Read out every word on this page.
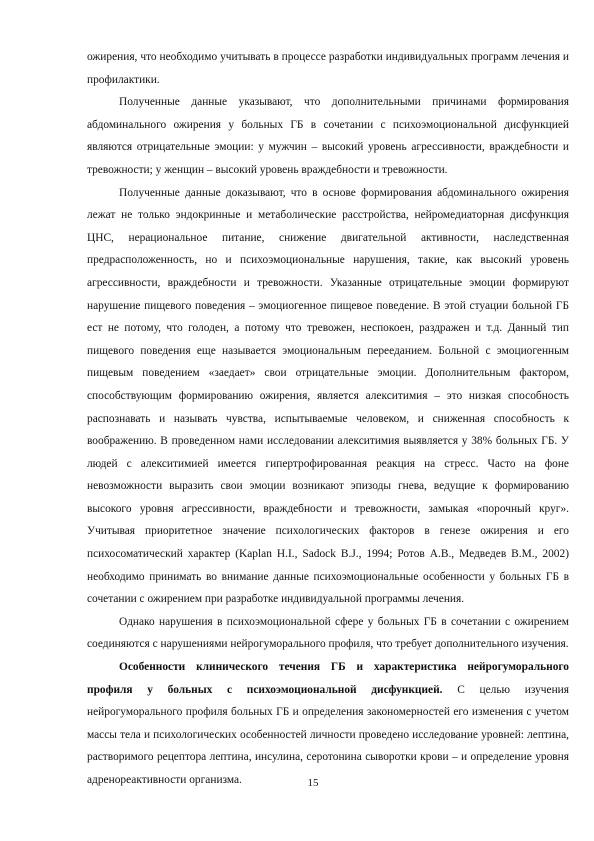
ожирения, что необходимо учитывать в процессе разработки индивидуальных программ лечения и профилактики.

Полученные данные указывают, что дополнительными причинами формирования абдоминального ожирения у больных ГБ в сочетании с психоэмоциональной дисфункцией являются отрицательные эмоции: у мужчин – высокий уровень агрессивности, враждебности и тревожности; у женщин – высокий уровень враждебности и тревожности.

Полученные данные доказывают, что в основе формирования абдоминального ожирения лежат не только эндокринные и метаболические расстройства, нейромедиаторная дисфункция ЦНС, нерациональное питание, снижение двигательной активности, наследственная предрасположенность, но и психоэмоциональные нарушения, такие, как высокий уровень агрессивности, враждебности и тревожности. Указанные отрицательные эмоции формируют нарушение пищевого поведения – эмоциогенное пищевое поведение. В этой стуации больной ГБ ест не потому, что голоден, а потому что тревожен, неспокоен, раздражен и т.д. Данный тип пищевого поведения еще называется эмоциональным перееданием. Больной с эмоциогенным пищевым поведением «заедает» свои отрицательные эмоции. Дополнительным фактором, способствующим формированию ожирения, является алекситимия – это низкая способность распознавать и называть чувства, испытываемые человеком, и сниженная способность к воображению. В проведенном нами исследовании алекситимия выявляется у 38% больных ГБ. У людей с алекситимией имеется гипертрофированная реакция на стресс. Часто на фоне невозможности выразить свои эмоции возникают эпизоды гнева, ведущие к формированию высокого уровня агрессивности, враждебности и тревожности, замыкая «порочный круг». Учитывая приоритетное значение психологических факторов в генезе ожирения и его психосоматический характер (Kaplan H.I., Sadock B.J., 1994; Ротов А.В., Медведев В.М., 2002) необходимо принимать во внимание данные психоэмоциональные особенности у больных ГБ в сочетании с ожирением при разработке индивидуальной программы лечения.

Однако нарушения в психоэмоциональной сфере у больных ГБ в сочетании с ожирением соединяются с нарушениями нейрогуморального профиля, что требует дополнительного изучения.

Особенности клинического течения ГБ и характеристика нейрогуморального профиля у больных с психоэмоциональной дисфункцией. С целью изучения нейрогуморального профиля больных ГБ и определения закономерностей его изменения с учетом массы тела и психологических особенностей личности проведено исследование уровней: лептина, растворимого рецептора лептина, инсулина, серотонина сыворотки крови – и определение уровня адренореактивности организма.	15
